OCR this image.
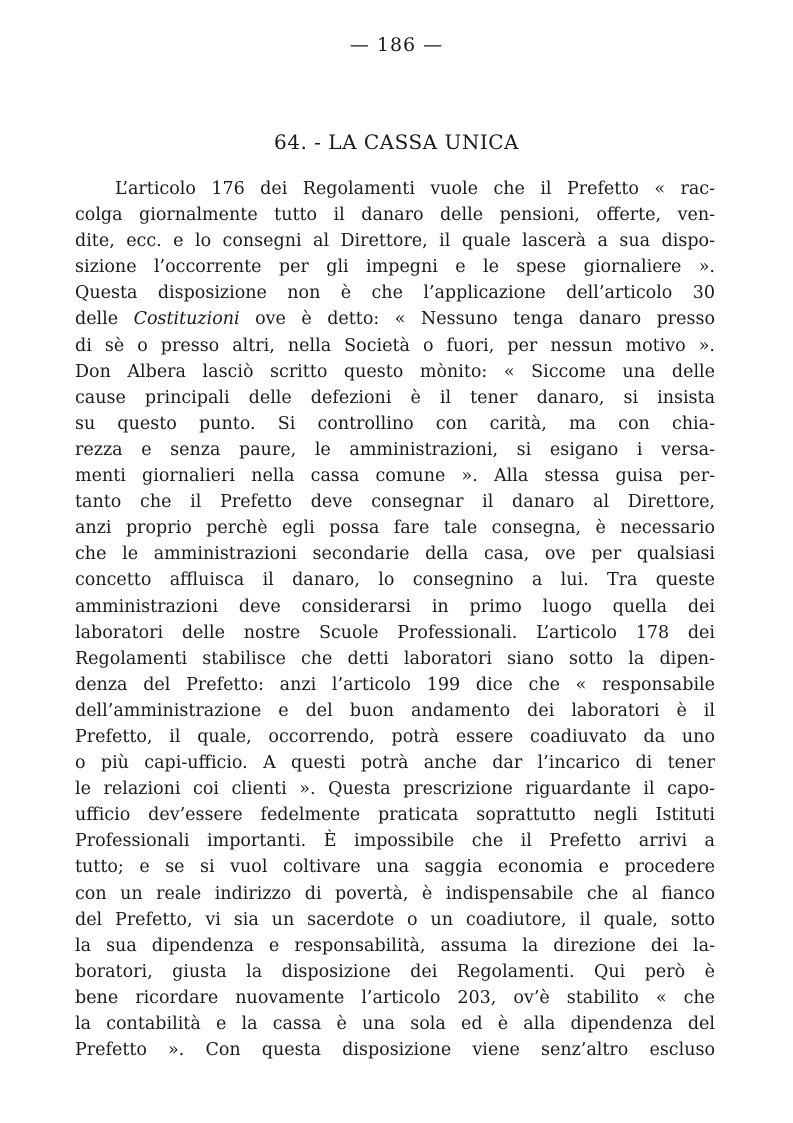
— 186 —
64. - LA CASSA UNICA
L’articolo 176 dei Regolamenti vuole che il Prefetto « rac-
colga giornalmente tutto il danaro delle pensioni, offerte, ven-
dite, ecc. e lo consegni al Direttore, il quale lascerà a sua dispo-
sizione l’occorrente per gli impegni e le spese giornaliere ».
Questa disposizione non è che l’applicazione dell’articolo 30
delle Costituzioni ove è detto: « Nessuno tenga danaro presso
di sè o presso altri, nella Società o fuori, per nessun motivo ».
Don Albera lasciò scritto questo mònito: « Siccome una delle
cause principali delle defezioni è il tener danaro, si insista
su questo punto. Si controllino con carità, ma con chia-
rezza e senza paure, le amministrazioni, si esigano i versa-
menti giornalieri nella cassa comune ». Alla stessa guisa per-
tanto che il Prefetto deve consegnar il danaro al Direttore,
anzi proprio perchè egli possa fare tale consegna, è necessario
che le amministrazioni secondarie della casa, ove per qualsiasi
concetto affluisca il danaro, lo consegnino a lui. Tra queste
amministrazioni deve considerarsi in primo luogo quella dei
laboratori delle nostre Scuole Professionali. L’articolo 178 dei
Regolamenti stabilisce che detti laboratori siano sotto la dipen-
denza del Prefetto: anzi l’articolo 199 dice che « responsabile
dell’amministrazione e del buon andamento dei laboratori è il
Prefetto, il quale, occorrendo, potrà essere coadiuvato da uno
o più capi-ufficio. A questi potrà anche dar l’incarico di tener
le relazioni coi clienti ». Questa prescrizione riguardante il capo-
ufficio dev’essere fedelmente praticata soprattutto negli Istituti
Professionali importanti. È impossibile che il Prefetto arrivi a
tutto; e se si vuol coltivare una saggia economia e procedere
con un reale indirizzo di povertà, è indispensabile che al fianco
del Prefetto, vi sia un sacerdote o un coadiutore, il quale, sotto
la sua dipendenza e responsabilità, assuma la direzione dei la-
boratori, giusta la disposizione dei Regolamenti. Qui però è
bene ricordare nuovamente l’articolo 203, ov’è stabilito « che
la contabilità e la cassa è una sola ed è alla dipendenza del
Prefetto ». Con questa disposizione viene senz’altro escluso
